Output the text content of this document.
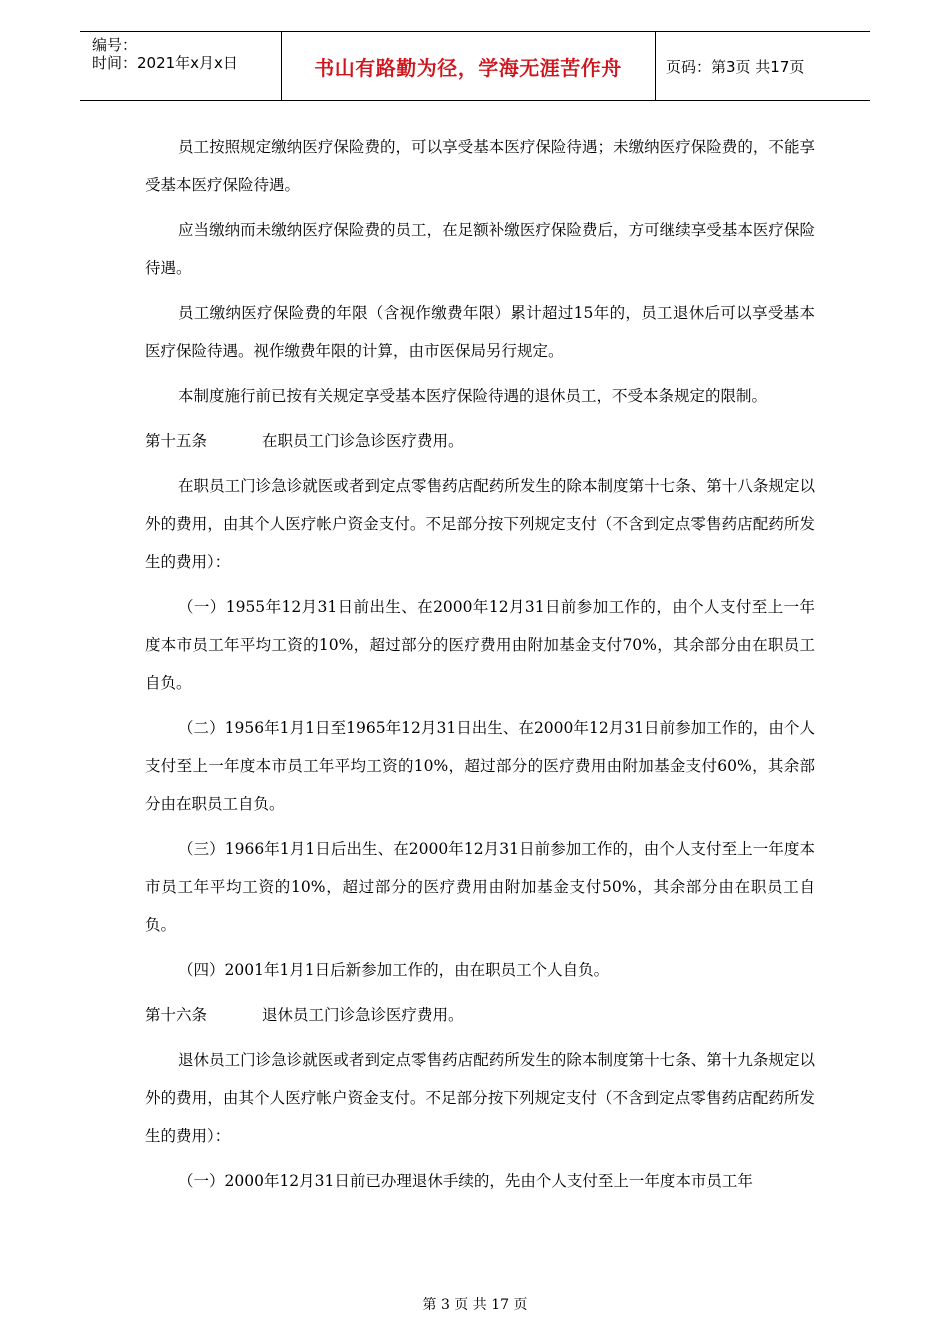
编号：
时间：2021年x月x日	书山有路勤为径，学海无涯苦作舟	页码：第3页 共17页

员工按照规定缴纳医疗保险费的，可以享受基本医疗保险待遇；未缴纳医疗保险费的，不能享受基本医疗保险待遇。

应当缴纳而未缴纳医疗保险费的员工，在足额补缴医疗保险费后，方可继续享受基本医疗保险待遇。

员工缴纳医疗保险费的年限（含视作缴费年限）累计超过15年的，员工退休后可以享受基本医疗保险待遇。视作缴费年限的计算，由市医保局另行规定。

本制度施行前已按有关规定享受基本医疗保险待遇的退休员工，不受本条规定的限制。

第十五条	在职员工门诊急诊医疗费用。

在职员工门诊急诊就医或者到定点零售药店配药所发生的除本制度第十七条、第十八条规定以外的费用，由其个人医疗帐户资金支付。不足部分按下列规定支付（不含到定点零售药店配药所发生的费用）：

（一）1955年12月31日前出生、在2000年12月31日前参加工作的，由个人支付至上一年度本市员工年平均工资的10%，超过部分的医疗费用由附加基金支付70%，其余部分由在职员工自负。

（二）1956年1月1日至1965年12月31日出生、在2000年12月31日前参加工作的，由个人支付至上一年度本市员工年平均工资的10%，超过部分的医疗费用由附加基金支付60%，其余部分由在职员工自负。

（三）1966年1月1日后出生、在2000年12月31日前参加工作的，由个人支付至上一年度本市员工年平均工资的10%，超过部分的医疗费用由附加基金支付50%，其余部分由在职员工自负。

（四）2001年1月1日后新参加工作的，由在职员工个人自负。

第十六条	退休员工门诊急诊医疗费用。

退休员工门诊急诊就医或者到定点零售药店配药所发生的除本制度第十七条、第十九条规定以外的费用，由其个人医疗帐户资金支付。不足部分按下列规定支付（不含到定点零售药店配药所发生的费用）：

（一）2000年12月31日前已办理退休手续的，先由个人支付至上一年度本市员工年

第 3 页 共 17 页
